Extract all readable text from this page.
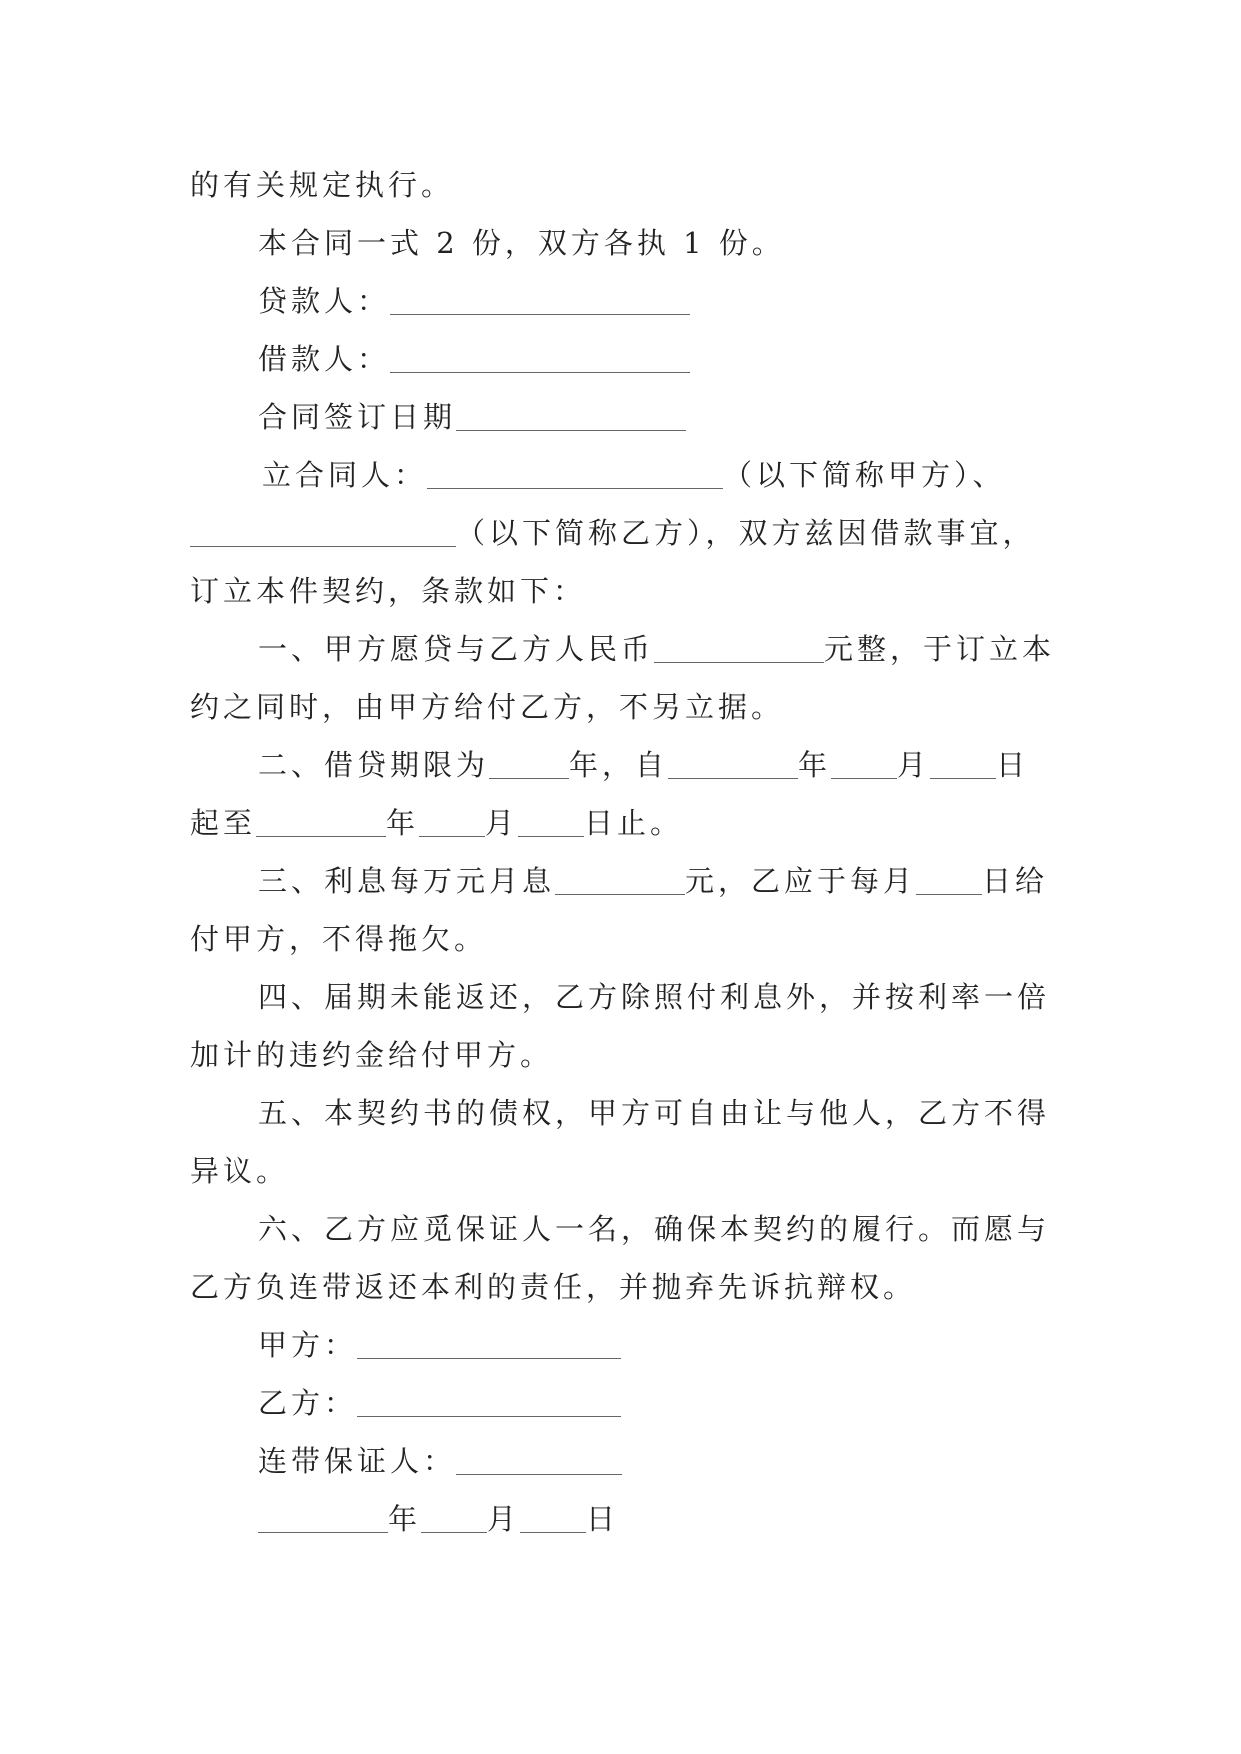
的有关规定执行。
本合同一式 2 份，双方各执 1 份。
贷款人：
借款人：
合同签订日期
立合同人：	（以下简称甲方）、
（以下简称乙方），双方兹因借款事宜，
订立本件契约，条款如下：
一、甲方愿贷与乙方人民币	元整，于订立本
约之同时，由甲方给付乙方，不另立据。
二、借贷期限为	年，自	年 月 日
起至	年 月 日止。
三、利息每万元月息	元，乙应于每月 日给
付甲方，不得拖欠。
四、届期未能返还，乙方除照付利息外，并按利率一倍
加计的违约金给付甲方。
五、本契约书的债权，甲方可自由让与他人，乙方不得
异议。
六、乙方应觅保证人一名，确保本契约的履行。而愿与
乙方负连带返还本利的责任，并抛弃先诉抗辩权。
甲方：
乙方：
连带保证人：
年 月 日
